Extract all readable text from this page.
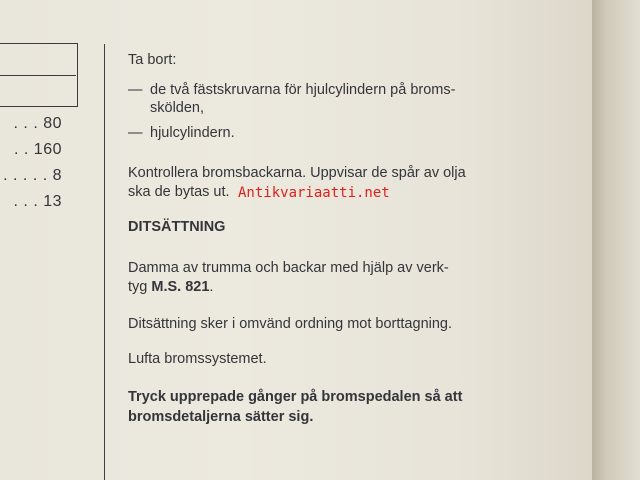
. . . 80
. . 160
. . . . . 8
. . . 13
Ta bort:
— de två fästskruvarna för hjulcylindern på broms-
skölden,
— hjulcylindern.
Kontrollera bromsbackarna. Uppvisar de spår av olja
ska de bytas ut.
DITSÄTTNING
Damma av trumma och backar med hjälp av verk-
tyg M.S. 821.
Ditsättning sker i omvänd ordning mot borttagning.
Lufta bromssystemet.
Tryck upprepade gånger på bromspedalen så att
bromsdetaljerna sätter sig.
Antikvariaatti.net
